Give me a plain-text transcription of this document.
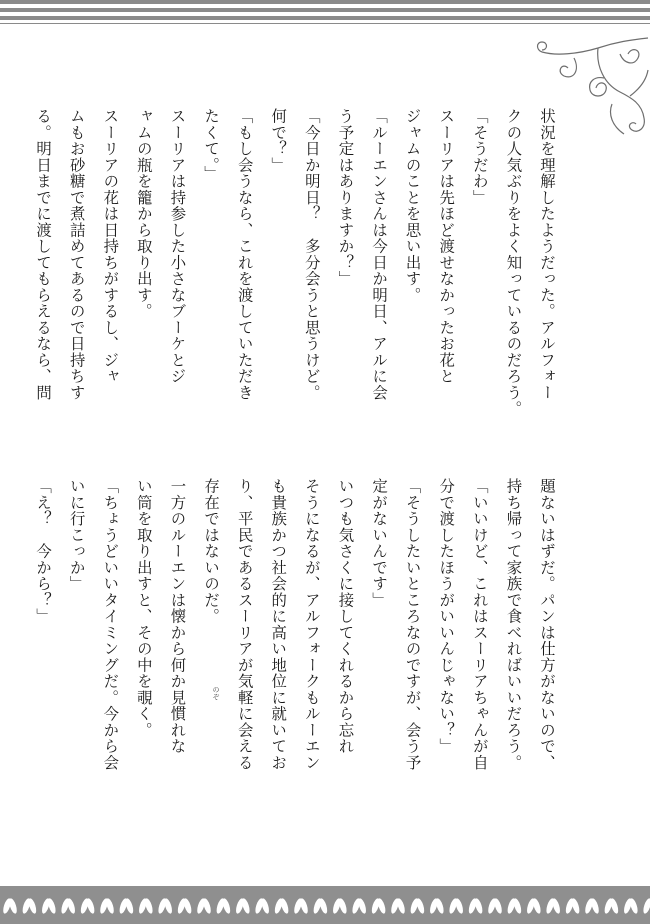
状況を理解したようだった。アルフォー
クの人気ぶりをよく知っているのだろう。
「そうだわ」
スーリアは先ほど渡せなかったお花と
ジャムのことを思い出す。
「ルーエンさんは今日か明日、アルに会
う予定はありますか？」
「今日か明日？　多分会うと思うけど。
何で？」
「もし会うなら、これを渡していただき
たくて。」
スーリアは持参した小さなブーケとジ
ャムの瓶を籠から取り出す。
スーリアの花は日持ちがするし、ジャ
ムもお砂糖で煮詰めてあるので日持ちす
る。明日までに渡してもらえるなら、問
題ないはずだ。パンは仕方がないので、
持ち帰って家族で食べればいいだろう。
「いいけど、これはスーリアちゃんが自
分で渡したほうがいいんじゃない？」
「そうしたいところなのですが、会う予
定がないんです」
いつも気さくに接してくれるから忘れ
そうになるが、アルフォークもルーエン
も貴族かつ社会的に高い地位に就いてお
り、平民であるスーリアが気軽に会える
存在ではないのだ。
一方のルーエンは懐から何か見慣れな
い筒を取り出すと、その中を覗く。
「ちょうどいいタイミングだ。今から会
いに行こっか」
「え？　今から？」
のぞ
